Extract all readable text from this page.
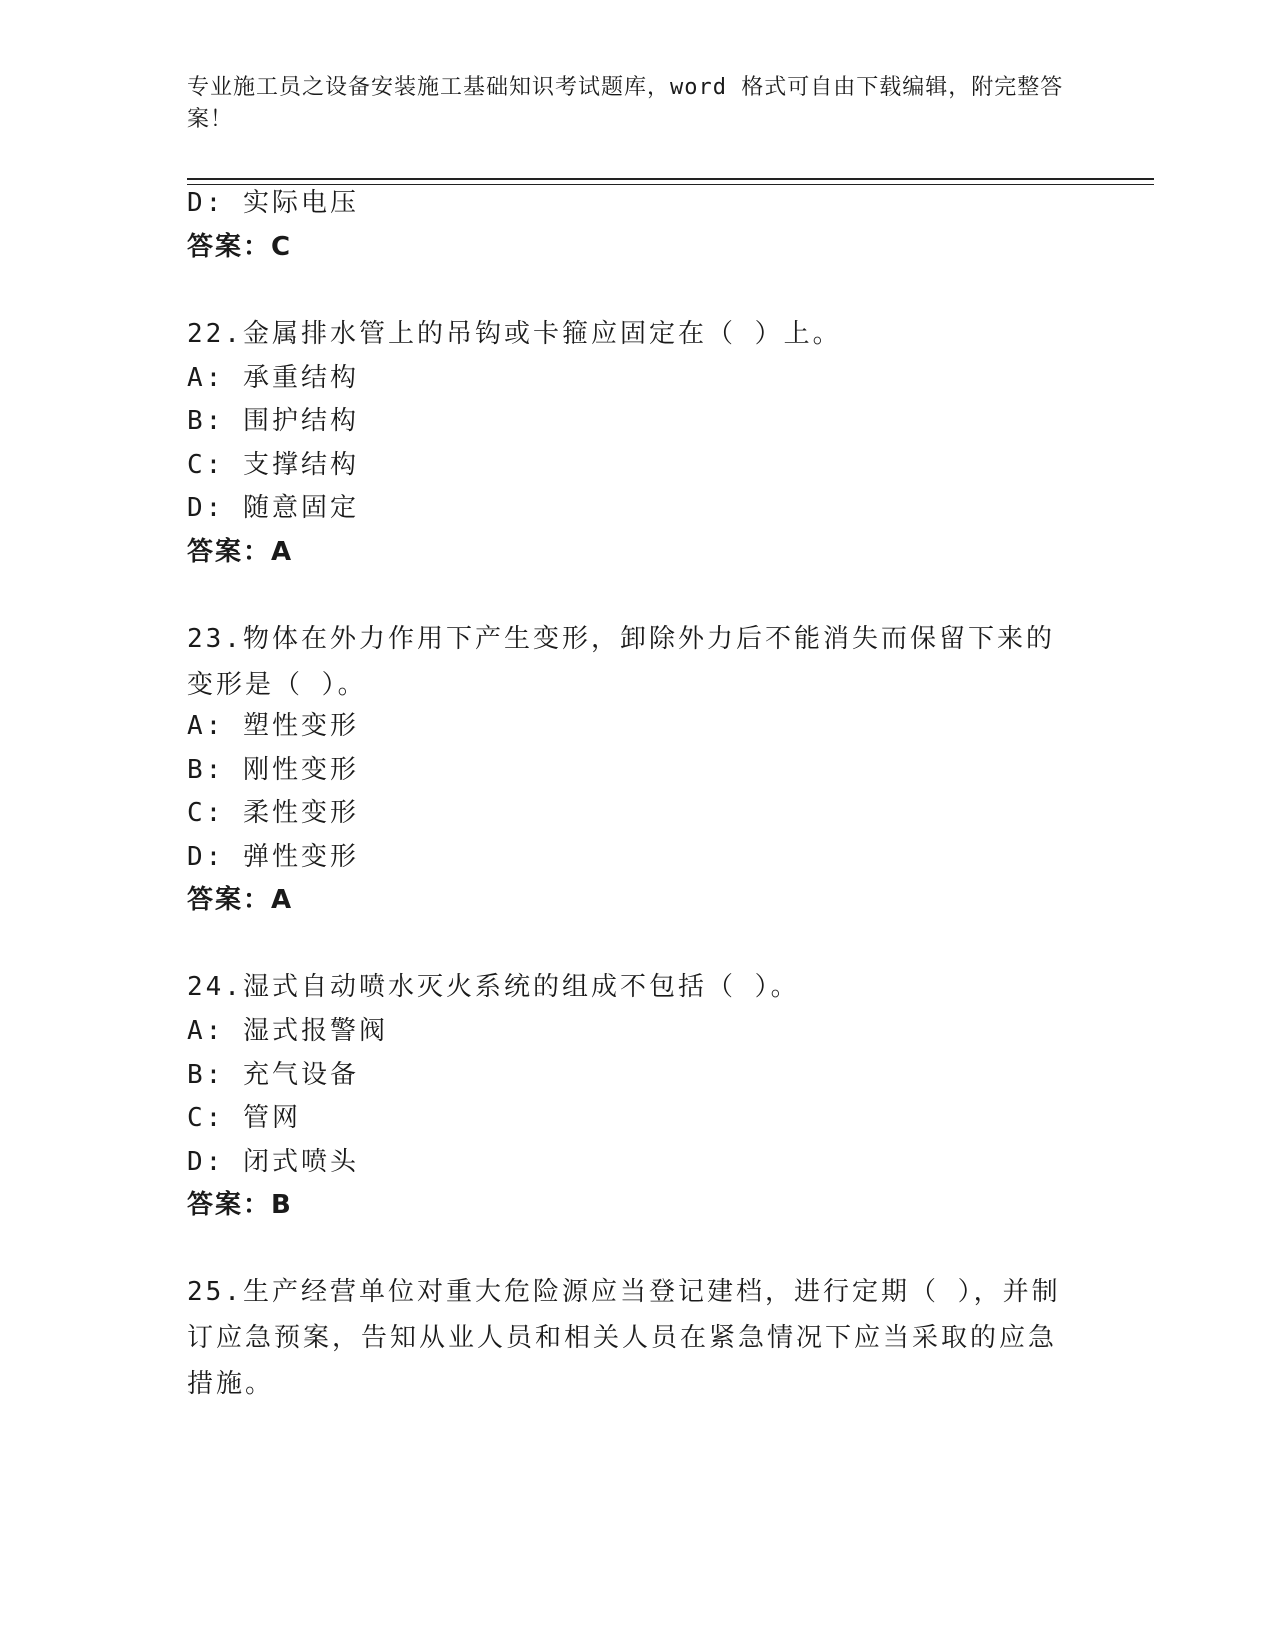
专业施工员之设备安装施工基础知识考试题库，word 格式可自由下载编辑，附完整答案！
D: 实际电压
答案：C
22.金属排水管上的吊钩或卡箍应固定在（ ）上。
A: 承重结构
B: 围护结构
C: 支撑结构
D: 随意固定
答案：A
23.物体在外力作用下产生变形，卸除外力后不能消失而保留下来的变形是（ ）。
A: 塑性变形
B: 刚性变形
C: 柔性变形
D: 弹性变形
答案：A
24.湿式自动喷水灭火系统的组成不包括（ ）。
A: 湿式报警阀
B: 充气设备
C: 管网
D: 闭式喷头
答案：B
25.生产经营单位对重大危险源应当登记建档，进行定期（ ），并制订应急预案，告知从业人员和相关人员在紧急情况下应当采取的应急措施。
